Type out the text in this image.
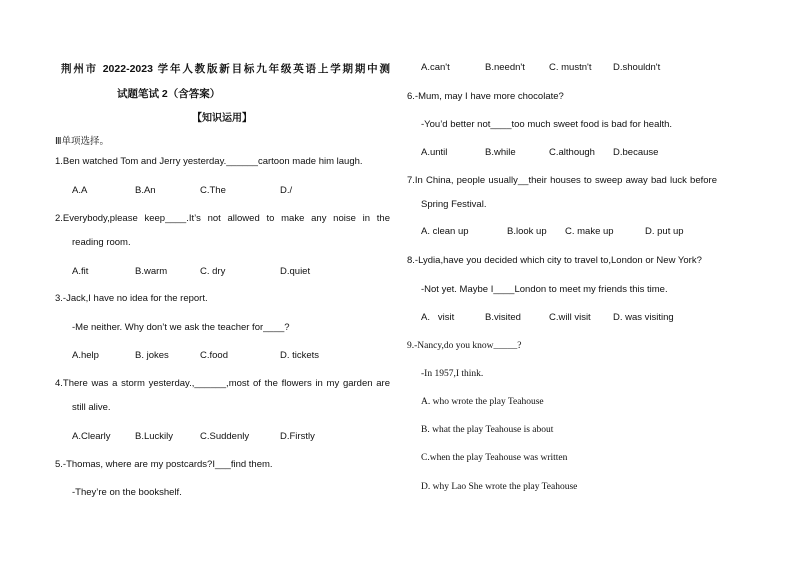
荆州市 2022-2023 学年人教版新目标九年级英语上学期期中测
试题笔试 2（含答案）
【知识运用】
Ⅲ单项选择。
1.Ben watched Tom and Jerry yesterday.______cartoon made him laugh.
A.A	B.An	C.The	D./
2.Everybody,please keep____.It’s not allowed to make any noise in the
reading room.
A.fit	B.warm	C. dry	D.quiet
3.-Jack,I have no idea for the report.
-Me neither. Why don’t we ask the teacher for____?
A.help	B. jokes	C.food	D. tickets
4.There was a storm yesterday.,______,most of the flowers in my garden are
still alive.
A.Clearly	B.Luckily	C.Suddenly	D.Firstly
5.-Thomas, where are my postcards?I___find them.
-They’re on the bookshelf.
A.can't	B.needn't	C. mustn't D.shouldn't
6.-Mum, may I have more chocolate?
-You’d better not____too much sweet food is bad for health.
A.until	B.while	C.although D.because
7.In China, people usually__their houses to sweep away bad luck before
Spring Festival.
A. clean up	B.look up C. make up	D. put up
8.-Lydia,have you decided which city to travel to,London or New York?
-Not yet. Maybe I____London to meet my friends this time.
A.   visit	B.visited	C.will visit D. was visiting
9.-Nancy,do you know_____?
-In 1957,I think.
A. who wrote the play Teahouse
B. what the play Teahouse is about
C.when the play Teahouse was written
D. why Lao She wrote the play Teahouse
